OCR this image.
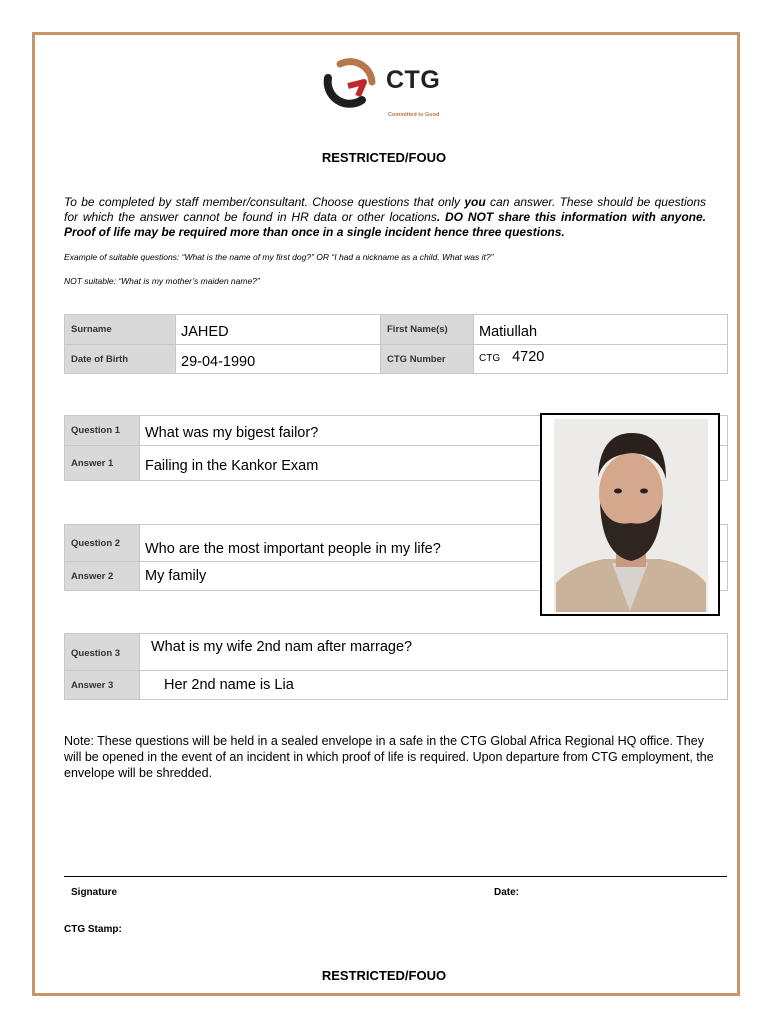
CTG
Committed to Good
RESTRICTED/FOUO
To be completed by staff member/consultant. Choose questions that only you can answer. These should be questions for which the answer cannot be found in HR data or other locations. DO NOT share this information with anyone. Proof of life may be required more than once in a single incident hence three questions.
Example of suitable questions: “What is the name of my first dog?” OR “I had a nickname as a child. What was it?”
NOT suitable: “What is my mother’s maiden name?”
Surname	JAHED	First Name(s)	Matiullah
Date of Birth	29-04-1990	CTG Number	CTG 4720
Question 1	What was my bigest failor?
Answer 1	Failing in the Kankor Exam
Question 2	Who are the most important people in my life?
Answer 2	My family
Question 3	What is my wife 2nd nam after marrage?
Answer 3	Her 2nd name is Lia
Note: These questions will be held in a sealed envelope in a safe in the CTG Global Africa Regional HQ office. They will be opened in the event of an incident in which proof of life is required. Upon departure from CTG employment, the envelope will be shredded.
Signature	Date:
CTG Stamp:
RESTRICTED/FOUO
